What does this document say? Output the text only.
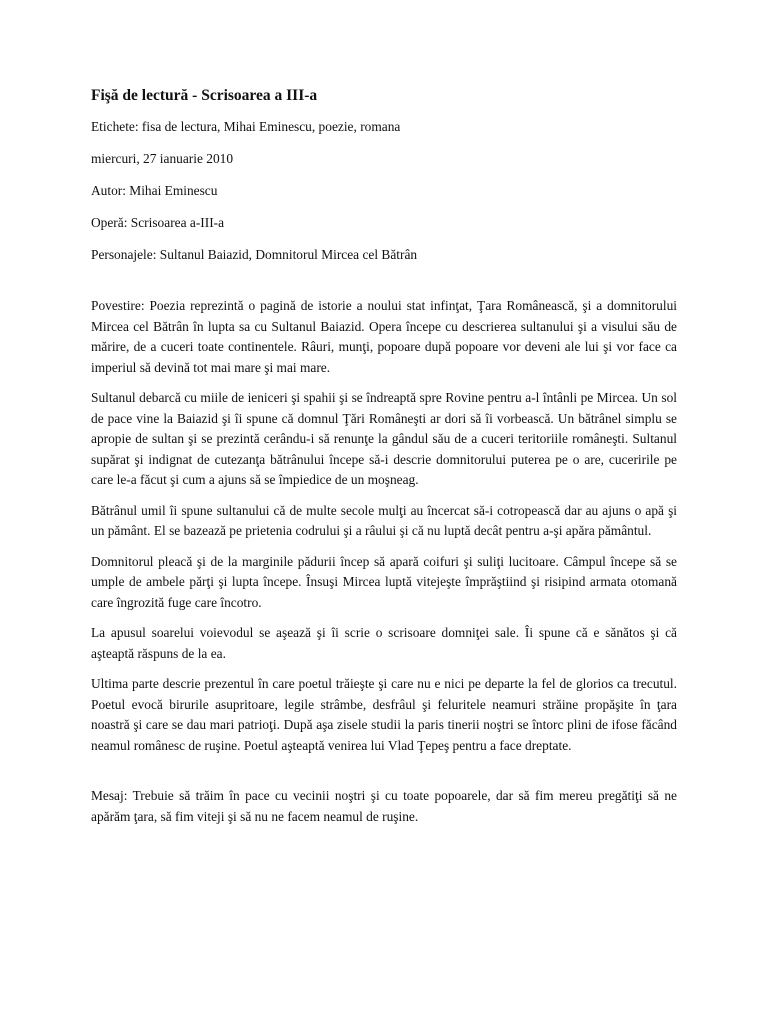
Fişă de lectură - Scrisoarea a III-a

Etichete: fisa de lectura, Mihai Eminescu, poezie, romana

miercuri, 27 ianuarie 2010

Autor: Mihai Eminescu

Operă: Scrisoarea a-III-a

Personajele: Sultanul Baiazid, Domnitorul Mircea cel Bătrân

Povestire: Poezia reprezintă o pagină de istorie a noului stat infinţat, Ţara Românească, şi a domnitorului Mircea cel Bătrân în lupta sa cu Sultanul Baiazid. Opera începe cu descrierea sultanului şi a visului său de mărire, de a cuceri toate continentele. Râuri, munţi, popoare după popoare vor deveni ale lui şi vor face ca imperiul să devină tot mai mare şi mai mare.

Sultanul debarcă cu miile de ieniceri şi spahii şi se îndreaptă spre Rovine pentru a-l întânli pe Mircea. Un sol de pace vine la Baiazid şi îi spune că domnul Ţări Româneşti ar dori să îi vorbească. Un bătrânel simplu se apropie de sultan şi se prezintă cerându-i să renunţe la gândul său de a cuceri teritoriile româneşti. Sultanul supărat şi indignat de cutezanţa bătrânului începe să-i descrie domnitorului puterea pe o are, cuceririle pe care le-a făcut şi cum a ajuns să se împiedice de un moşneag.

Bătrânul umil îi spune sultanului că de multe secole mulţi au încercat să-i cotropească dar au ajuns o apă şi un pământ. El se bazează pe prietenia codrului şi a râului şi că nu luptă decât pentru a-şi apăra pământul.

Domnitorul pleacă şi de la marginile pădurii încep să apară coifuri şi suliţi lucitoare. Câmpul începe să se umple de ambele părţi şi lupta începe. Însuşi Mircea luptă vitejeşte împrăştiind şi risipind armata otomană care îngrozită fuge care încotro.

La apusul soarelui voievodul se aşează şi îi scrie o scrisoare domniţei sale. Îi spune că e sănătos şi că aşteaptă răspuns de la ea.

Ultima parte descrie prezentul în care poetul trăieşte şi care nu e nici pe departe la fel de glorios ca trecutul. Poetul evocă birurile asupritoare, legile strâmbe, desfrâul şi feluritele neamuri străine propăşite în ţara noastră şi care se dau mari patrioţi. După aşa zisele studii la paris tinerii noştri se întorc plini de ifose făcând neamul românesc de ruşine. Poetul aşteaptă venirea lui Vlad Ţepeş pentru a face dreptate.

Mesaj: Trebuie să trăim în pace cu vecinii noştri şi cu toate popoarele, dar să fim mereu pregătiţi să ne apărăm ţara, să fim viteji şi să nu ne facem neamul de ruşine.
